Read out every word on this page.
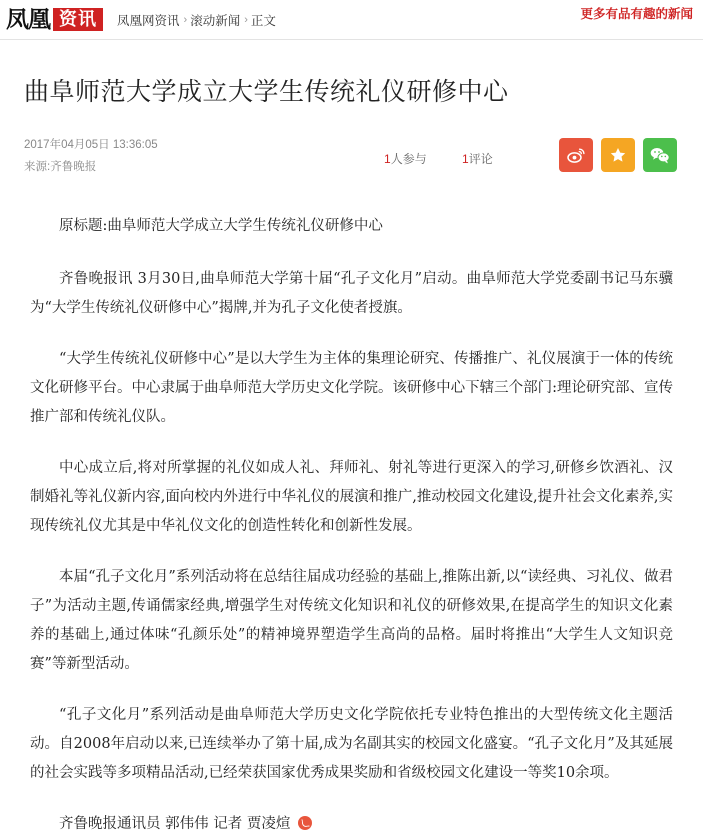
凤凰 资讯	凤凰网资讯 › 滚动新闻 › 正文	更多有品有趣的新闻
曲阜师范大学成立大学生传统礼仪研修中心
2017年04月05日 13:36:05
来源:齐鲁晚报
1人参与	1评论

原标题:曲阜师范大学成立大学生传统礼仪研修中心

齐鲁晚报讯 3月30日,曲阜师范大学第十届“孔子文化月”启动。曲阜师范大学党委副书记马东骥为“大学生传统礼仪研修中心”揭牌,并为孔子文化使者授旗。

“大学生传统礼仪研修中心”是以大学生为主体的集理论研究、传播推广、礼仪展演于一体的传统文化研修平台。中心隶属于曲阜师范大学历史文化学院。该研修中心下辖三个部门:理论研究部、宣传推广部和传统礼仪队。

中心成立后,将对所掌握的礼仪如成人礼、拜师礼、射礼等进行更深入的学习,研修乡饮酒礼、汉制婚礼等礼仪新内容,面向校内外进行中华礼仪的展演和推广,推动校园文化建设,提升社会文化素养,实现传统礼仪尤其是中华礼仪文化的创造性转化和创新性发展。

本届“孔子文化月”系列活动将在总结往届成功经验的基础上,推陈出新,以“读经典、习礼仪、做君子”为活动主题,传诵儒家经典,增强学生对传统文化知识和礼仪的研修效果,在提高学生的知识文化素养的基础上,通过体味“孔颜乐处”的精神境界塑造学生高尚的品格。届时将推出“大学生人文知识竞赛”等新型活动。

“孔子文化月”系列活动是曲阜师范大学历史文化学院依托专业特色推出的大型传统文化主题活动。自2008年启动以来,已连续举办了第十届,成为名副其实的校园文化盛宴。“孔子文化月”及其延展的社会实践等多项精品活动,已经荣获国家优秀成果奖励和省级校园文化建设一等奖10余项。

齐鲁晚报通讯员 郭伟伟 记者 贾凌煊
